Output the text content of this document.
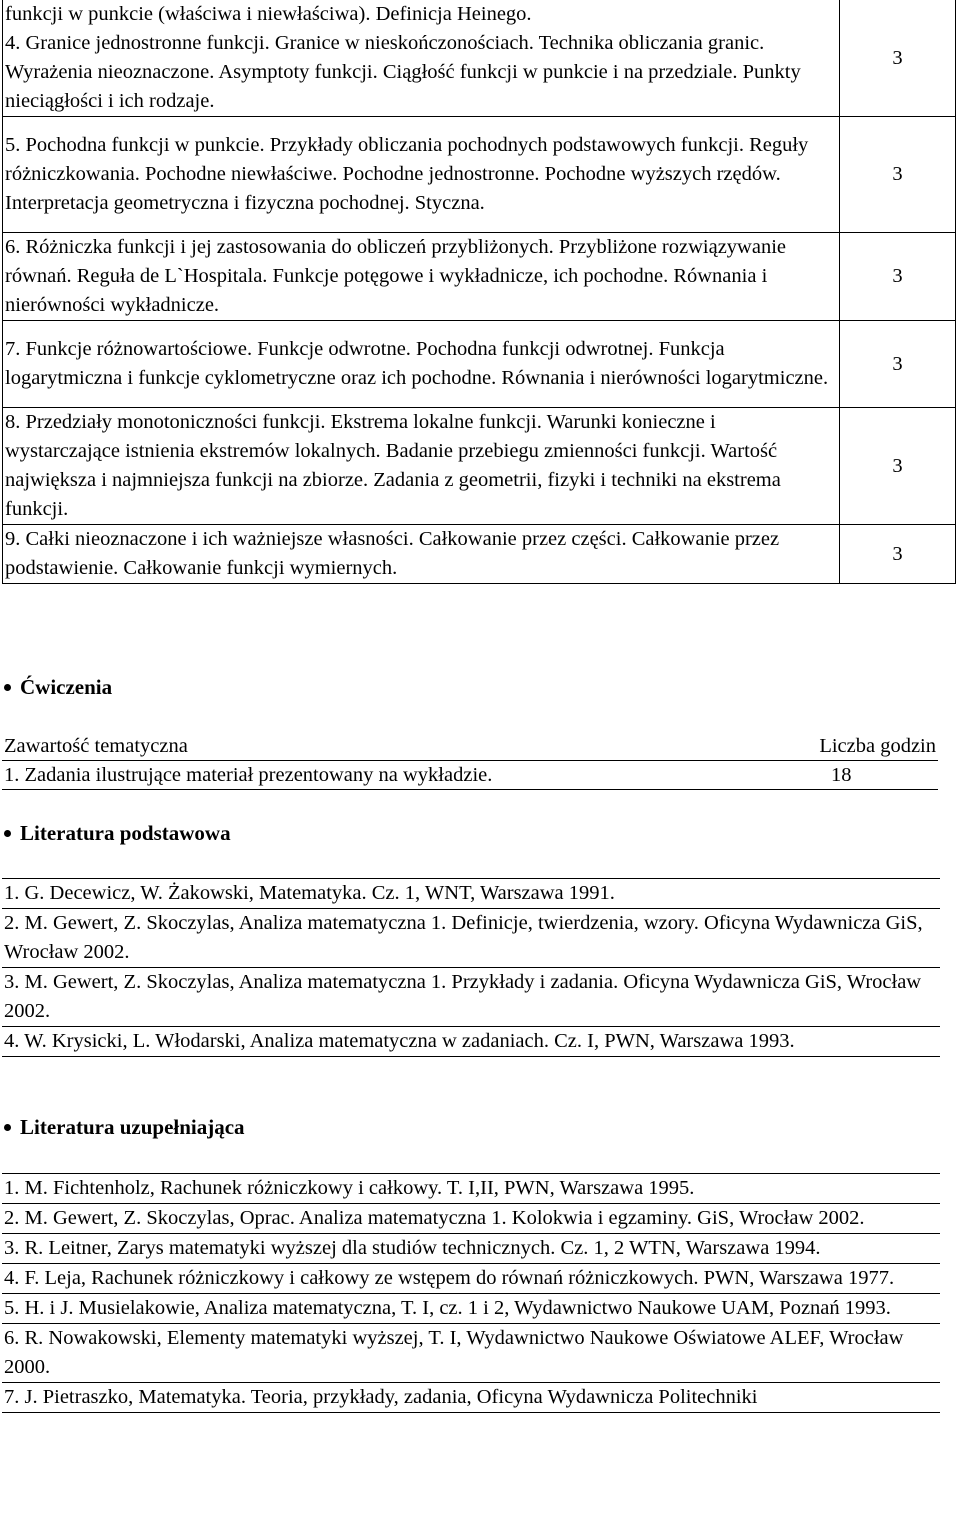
funkcji w punkcie (właściwa i niewłaściwa). Definicja Heinego.
4. Granice jednostronne funkcji. Granice w nieskończonościach. Technika obliczania granic. Wyrażenia nieoznaczone. Asymptoty funkcji. Ciągłość funkcji w punkcie i na przedziale. Punkty nieciągłości i ich rodzaje.	3
5. Pochodna funkcji w punkcie. Przykłady obliczania pochodnych podstawowych funkcji. Reguły różniczkowania. Pochodne niewłaściwe. Pochodne jednostronne. Pochodne wyższych rzędów. Interpretacja geometryczna i fizyczna pochodnej. Styczna.	3
6. Różniczka funkcji i jej zastosowania do obliczeń przybliżonych. Przybliżone rozwiązywanie równań. Reguła de L`Hospitala. Funkcje potęgowe i wykładnicze, ich pochodne. Równania i nierówności wykładnicze.	3
7. Funkcje różnowartościowe. Funkcje odwrotne. Pochodna funkcji odwrotnej. Funkcja logarytmiczna i funkcje cyklometryczne oraz ich pochodne. Równania i nierówności logarytmiczne.	3
8. Przedziały monotoniczności funkcji. Ekstrema lokalne funkcji. Warunki konieczne i wystarczające istnienia ekstremów lokalnych. Badanie przebiegu zmienności funkcji. Wartość największa i najmniejsza funkcji na zbiorze. Zadania z geometrii, fizyki i techniki na ekstrema funkcji.	3
9. Całki nieoznaczone i ich ważniejsze własności. Całkowanie przez części. Całkowanie przez podstawienie. Całkowanie funkcji wymiernych.	3
Ćwiczenia
Zawartość tematyczna	Liczba godzin
1. Zadania ilustrujące materiał prezentowany na wykładzie.	18
Literatura podstawowa
1. G. Decewicz, W. Żakowski, Matematyka. Cz. 1, WNT, Warszawa 1991.
2. M. Gewert, Z. Skoczylas, Analiza matematyczna 1. Definicje, twierdzenia, wzory. Oficyna Wydawnicza GiS, Wrocław 2002.
3. M. Gewert, Z. Skoczylas, Analiza matematyczna 1. Przykłady i zadania. Oficyna Wydawnicza GiS, Wrocław 2002.
4. W. Krysicki, L. Włodarski, Analiza matematyczna w zadaniach. Cz. I, PWN, Warszawa 1993.
Literatura uzupełniająca
1. M. Fichtenholz, Rachunek różniczkowy i całkowy. T. I,II, PWN, Warszawa 1995.
2. M. Gewert, Z. Skoczylas, Oprac. Analiza matematyczna 1. Kolokwia i egzaminy. GiS, Wrocław 2002.
3. R. Leitner, Zarys matematyki wyższej dla studiów technicznych. Cz. 1, 2 WTN, Warszawa 1994.
4. F. Leja, Rachunek różniczkowy i całkowy ze wstępem do równań różniczkowych. PWN, Warszawa 1977.
5. H. i J. Musielakowie, Analiza matematyczna, T. I, cz. 1 i 2, Wydawnictwo Naukowe UAM, Poznań 1993.
6. R. Nowakowski, Elementy matematyki wyższej, T. I, Wydawnictwo Naukowe Oświatowe ALEF, Wrocław 2000.
7. J. Pietraszko, Matematyka. Teoria, przykłady, zadania, Oficyna Wydawnicza Politechniki
